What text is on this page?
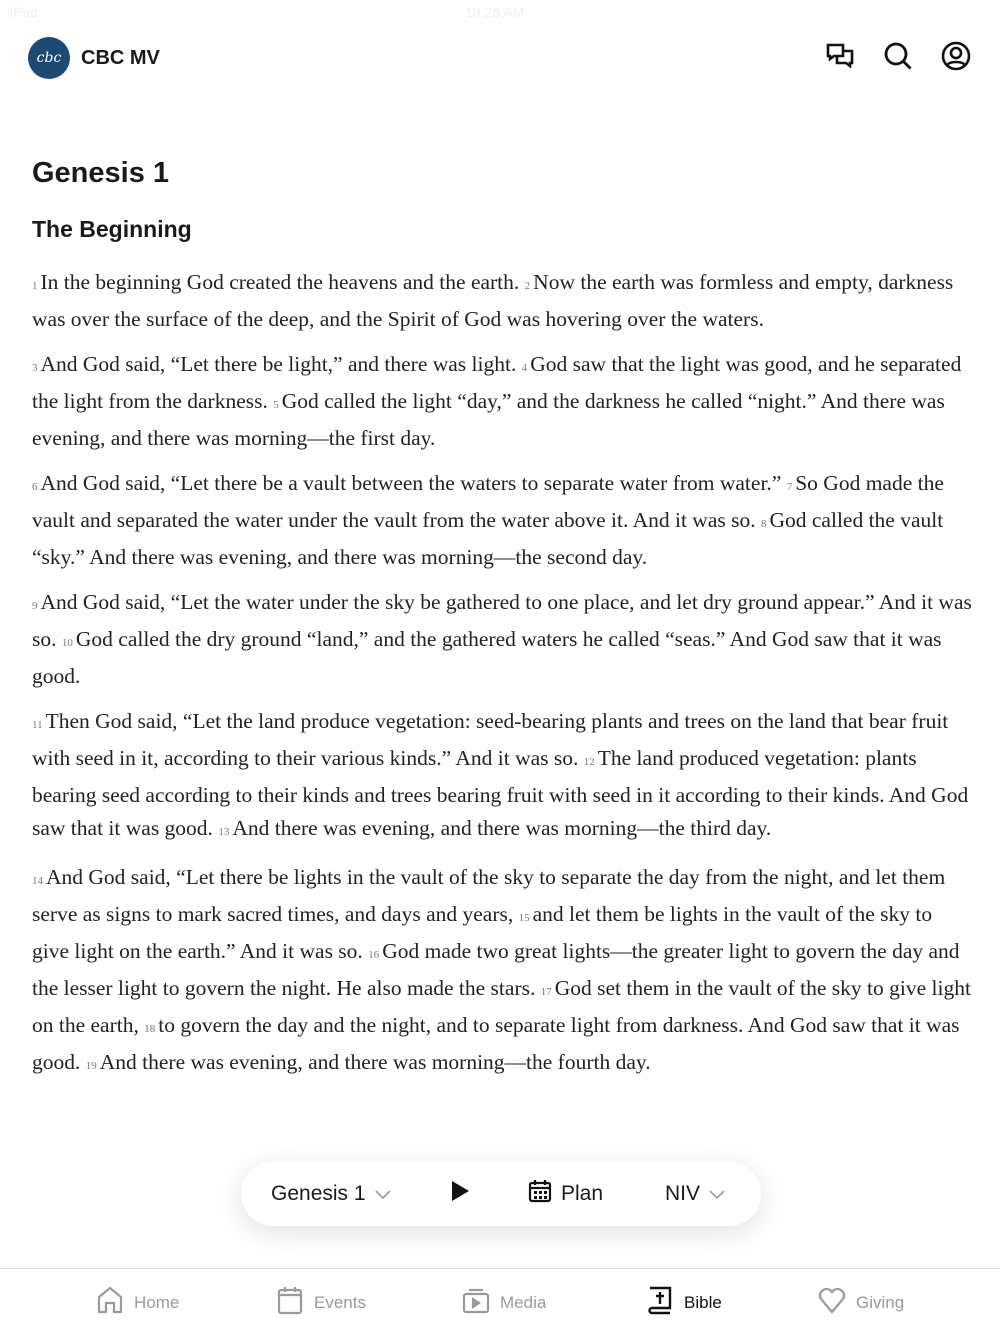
iPad	10:26 AM
cbc CBC MV
Genesis 1
The Beginning

1 In the beginning God created the heavens and the earth. 2 Now the earth was formless and empty, darkness was over the surface of the deep, and the Spirit of God was hovering over the waters.

3 And God said, “Let there be light,” and there was light. 4 God saw that the light was good, and he separated the light from the darkness. 5 God called the light “day,” and the darkness he called “night.” And there was evening, and there was morning—the first day.

6 And God said, “Let there be a vault between the waters to separate water from water.” 7 So God made the vault and separated the water under the vault from the water above it. And it was so. 8 God called the vault “sky.” And there was evening, and there was morning—the second day.

9 And God said, “Let the water under the sky be gathered to one place, and let dry ground appear.” And it was so. 10 God called the dry ground “land,” and the gathered waters he called “seas.” And God saw that it was good.

11 Then God said, “Let the land produce vegetation: seed-bearing plants and trees on the land that bear fruit with seed in it, according to their various kinds.” And it was so. 12 The land produced vegetation: plants bearing seed according to their kinds and trees bearing fruit with seed in it according to their kinds. And God saw that it was good. 13 And there was evening, and there was morning—the third day.

14 And God said, “Let there be lights in the vault of the sky to separate the day from the night, and let them serve as signs to mark sacred times, and days and years, 15 and let them be lights in the vault of the sky to give light on the earth.” And it was so. 16 God made two great lights—the greater light to govern the day and the lesser light to govern the night. He also made the stars. 17 God set them in the vault of the sky to give light on the earth, 18 to govern the day and the night, and to separate light from darkness. And God saw that it was good. 19 And there was evening, and there was morning—the fourth day.

Genesis 1	Plan	NIV
Home	Events	Media	Bible	Giving
